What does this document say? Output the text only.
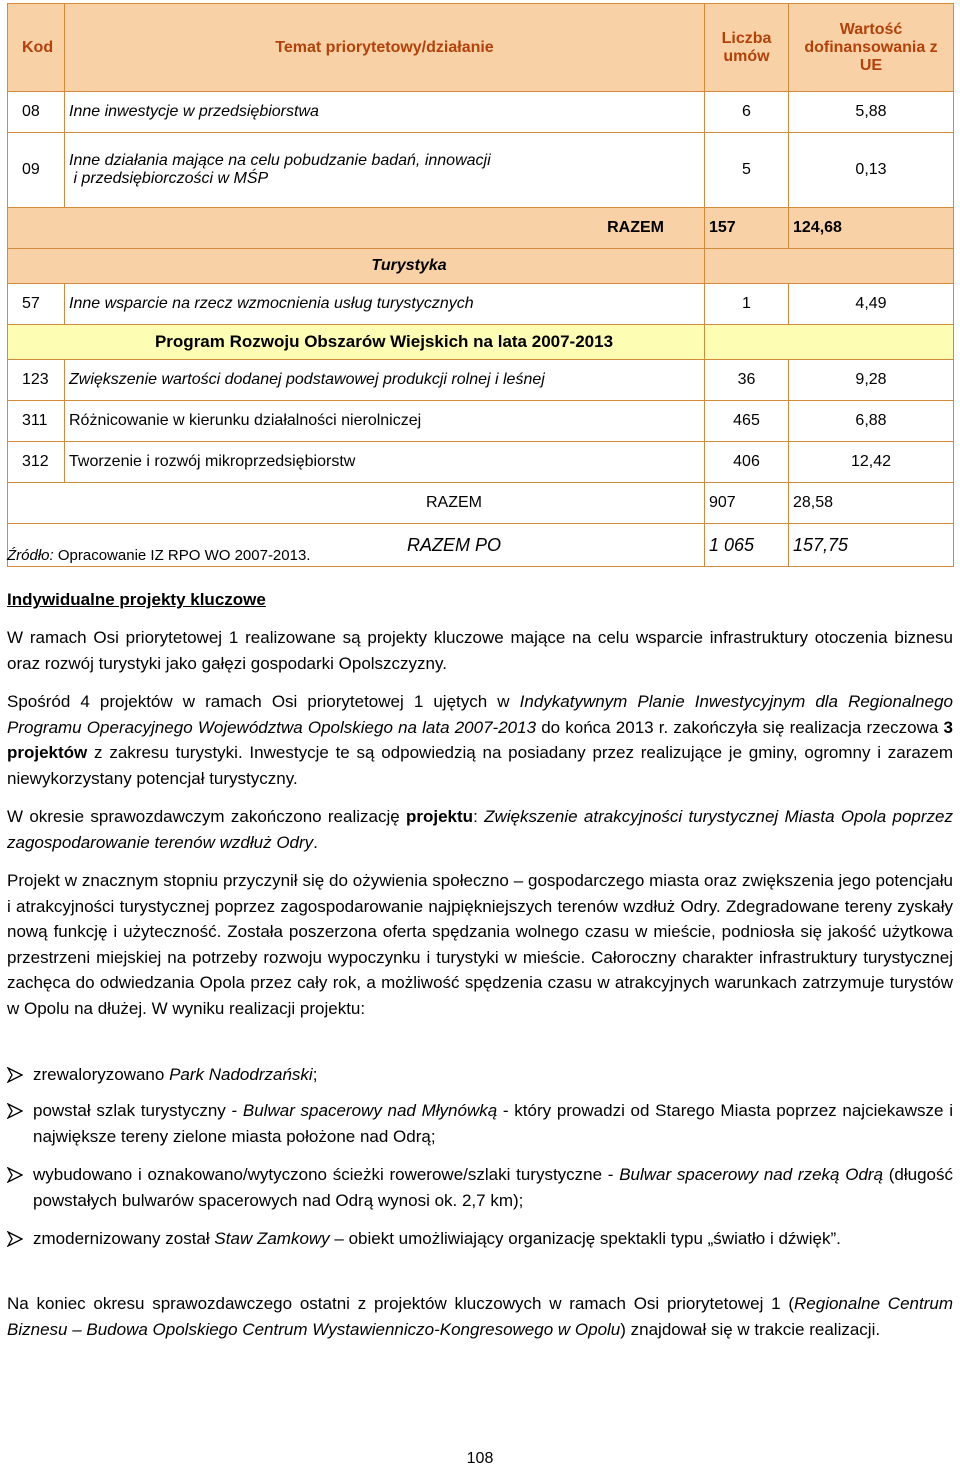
Kod	Temat priorytetowy/działanie	Liczba umów	Wartość dofinansowania z UE
08	Inne inwestycje w przedsiębiorstwa	6	5,88
09	Inne działania mające na celu pobudzanie badań, innowacji
i przedsiębiorczości w MŚP	5	0,13
RAZEM		157	124,68
Turystyka			
57	Inne wsparcie na rzecz wzmocnienia usług turystycznych	1	4,49
Program Rozwoju Obszarów Wiejskich na lata 2007-2013			
123	Zwiększenie wartości dodanej podstawowej produkcji rolnej i leśnej	36	9,28
311	Różnicowanie w kierunku działalności nierolniczej	465	6,88
312	Tworzenie i rozwój mikroprzedsiębiorstw	406	12,42
RAZEM		907	28,58
RAZEM PO		1 065	157,75
Źródło: Opracowanie IZ RPO WO 2007-2013.
Indywidualne projekty kluczowe
W ramach Osi priorytetowej 1 realizowane są projekty kluczowe mające na celu wsparcie infrastruktury otoczenia biznesu oraz rozwój turystyki jako gałęzi gospodarki Opolszczyzny.
Spośród 4 projektów w ramach Osi priorytetowej 1 ujętych w Indykatywnym Planie Inwestycyjnym dla Regionalnego Programu Operacyjnego Województwa Opolskiego na lata 2007-2013 do końca 2013 r. zakończyła się realizacja rzeczowa 3 projektów z zakresu turystyki. Inwestycje te są odpowiedzią na posiadany przez realizujące je gminy, ogromny i zarazem niewykorzystany potencjał turystyczny.
W okresie sprawozdawczym zakończono realizację projektu: Zwiększenie atrakcyjności turystycznej Miasta Opola poprzez zagospodarowanie terenów wzdłuż Odry.
Projekt w znacznym stopniu przyczynił się do ożywienia społeczno – gospodarczego miasta oraz zwiększenia jego potencjału i atrakcyjności turystycznej poprzez zagospodarowanie najpiękniejszych terenów wzdłuż Odry. Zdegradowane tereny zyskały nową funkcję i użyteczność. Została poszerzona oferta spędzania wolnego czasu w mieście, podniosła się jakość użytkowa przestrzeni miejskiej na potrzeby rozwoju wypoczynku i turystyki w mieście. Całoroczny charakter infrastruktury turystycznej zachęca do odwiedzania Opola przez cały rok, a możliwość spędzenia czasu w atrakcyjnych warunkach zatrzymuje turystów w Opolu na dłużej. W wyniku realizacji projektu:
zrewaloryzowano Park Nadodrzański;
powstał szlak turystyczny - Bulwar spacerowy nad Młynówką - który prowadzi od Starego Miasta poprzez najciekawsze i największe tereny zielone miasta położone nad Odrą;
wybudowano i oznakowano/wytyczono ścieżki rowerowe/szlaki turystyczne - Bulwar spacerowy nad rzeką Odrą (długość powstałych bulwarów spacerowych nad Odrą wynosi ok. 2,7 km);
zmodernizowany został Staw Zamkowy – obiekt umożliwiający organizację spektakli typu „światło i dźwięk”.
Na koniec okresu sprawozdawczego ostatni z projektów kluczowych w ramach Osi priorytetowej 1 (Regionalne Centrum Biznesu – Budowa Opolskiego Centrum Wystawienniczo-Kongresowego w Opolu) znajdował się w trakcie realizacji.
108
